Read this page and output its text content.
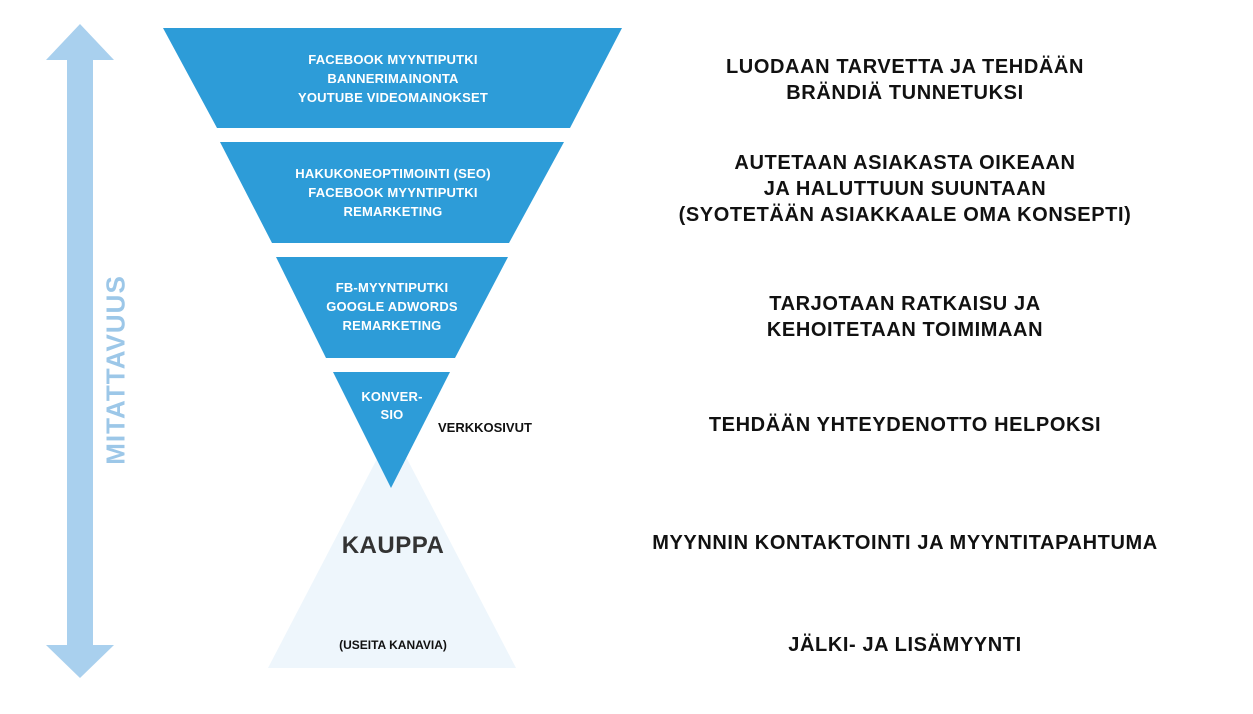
FACEBOOK MYYNTIPUTKI
BANNERIMAINONTA
YOUTUBE VIDEOMAINOKSET
HAKUKONEOPTIMOINTI (SEO)
FACEBOOK MYYNTIPUTKI
REMARKETING
FB-MYYNTIPUTKI
GOOGLE ADWORDS
REMARKETING
KONVER-
SIO
VERKKOSIVUT
KAUPPA
(USEITA KANAVIA)
MITATTAVUUS
LUODAAN TARVETTA JA TEHDÄÄN
BRÄNDIÄ TUNNETUKSI
AUTETAAN ASIAKASTA OIKEAAN
JA HALUTTUUN SUUNTAAN
(SYOTETÄÄN ASIAKKAALE OMA KONSEPTI)
TARJOTAAN RATKAISU JA
KEHOITETAAN TOIMIMAAN
TEHDÄÄN YHTEYDENOTTO HELPOKSI
MYYNNIN KONTAKTOINTI JA MYYNTITAPAHTUMA
JÄLKI- JA LISÄMYYNTI
